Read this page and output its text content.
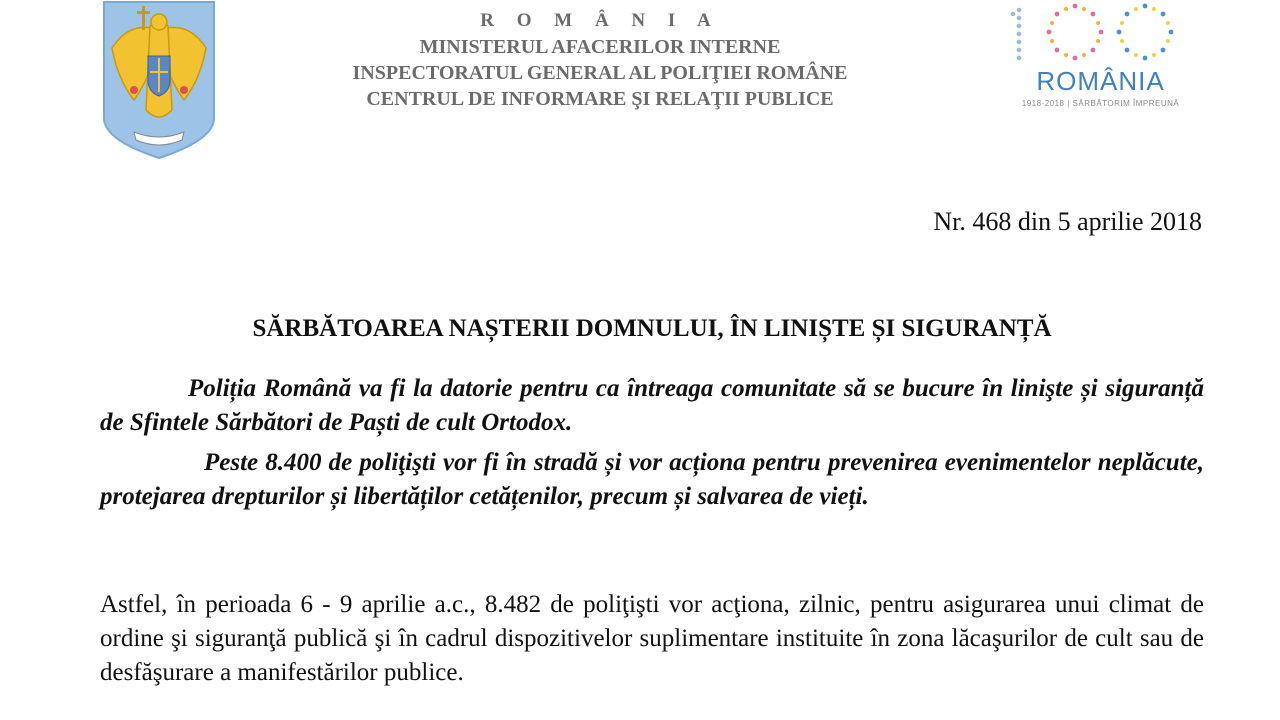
R O M Â N I A
MINISTERUL AFACERILOR INTERNE
INSPECTORATUL GENERAL AL POLIŢIEI ROMÂNE
CENTRUL DE INFORMARE ŞI RELAŢII PUBLICE
ROMÂNIA
1918-2018 | SĂRBĂTORIM ÎMPREUNĂ
Nr. 468 din 5 aprilie 2018
SĂRBĂTOAREA NAȘTERII DOMNULUI, ÎN LINIȘTE ȘI SIGURANȚĂ
Poliția Română va fi la datorie pentru ca întreaga comunitate să se bucure în linişte și siguranță de Sfintele Sărbători de Paști de cult Ortodox.
Peste 8.400 de poliţişti vor fi în stradă și vor acționa pentru prevenirea evenimentelor neplăcute, protejarea drepturilor și libertăților cetățenilor, precum și salvarea de vieți.
Astfel, în perioada 6 - 9 aprilie a.c., 8.482 de poliţişti vor acţiona, zilnic, pentru asigurarea unui climat de ordine şi siguranţă publică şi în cadrul dispozitivelor suplimentare instituite în zona lăcaşurilor de cult sau de desfăşurare a manifestărilor publice.
